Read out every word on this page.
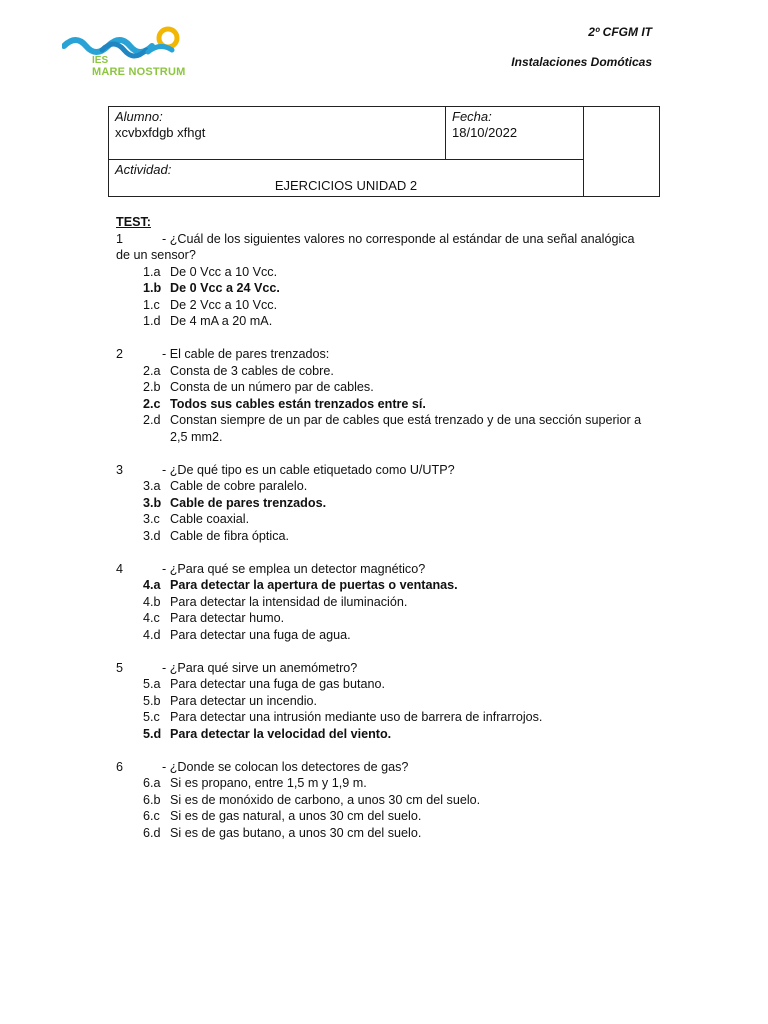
IES
MARE NOSTRUM
2º CFGM IT
Instalaciones Domóticas
Alumno:
xcvbxfdgb xfhgt

Fecha:
18/10/2022

Actividad:
EJERCICIOS UNIDAD 2
TEST:
1	- ¿Cuál de los siguientes valores no corresponde al estándar de una señal analógica
de un sensor?
1.a De 0 Vcc a 10 Vcc.
1.b De 0 Vcc a 24 Vcc.
1.c De 2 Vcc a 10 Vcc.
1.d De 4 mA a 20 mA.
2	- El cable de pares trenzados:
2.a Consta de 3 cables de cobre.
2.b Consta de un número par de cables.
2.c Todos sus cables están trenzados entre sí.
2.d Constan siempre de un par de cables que está trenzado y de una sección superior a
2,5 mm2.
3	- ¿De qué tipo es un cable etiquetado como U/UTP?
3.a Cable de cobre paralelo.
3.b Cable de pares trenzados.
3.c Cable coaxial.
3.d Cable de fibra óptica.
4	- ¿Para qué se emplea un detector magnético?
4.a Para detectar la apertura de puertas o ventanas.
4.b Para detectar la intensidad de iluminación.
4.c Para detectar humo.
4.d Para detectar una fuga de agua.
5	- ¿Para qué sirve un anemómetro?
5.a Para detectar una fuga de gas butano.
5.b Para detectar un incendio.
5.c Para detectar una intrusión mediante uso de barrera de infrarrojos.
5.d Para detectar la velocidad del viento.
6	- ¿Donde se colocan los detectores de gas?
6.a Si es propano, entre 1,5 m y 1,9 m.
6.b Si es de monóxido de carbono, a unos 30 cm del suelo.
6.c Si es de gas natural, a unos 30 cm del suelo.
6.d Si es de gas butano, a unos 30 cm del suelo.
